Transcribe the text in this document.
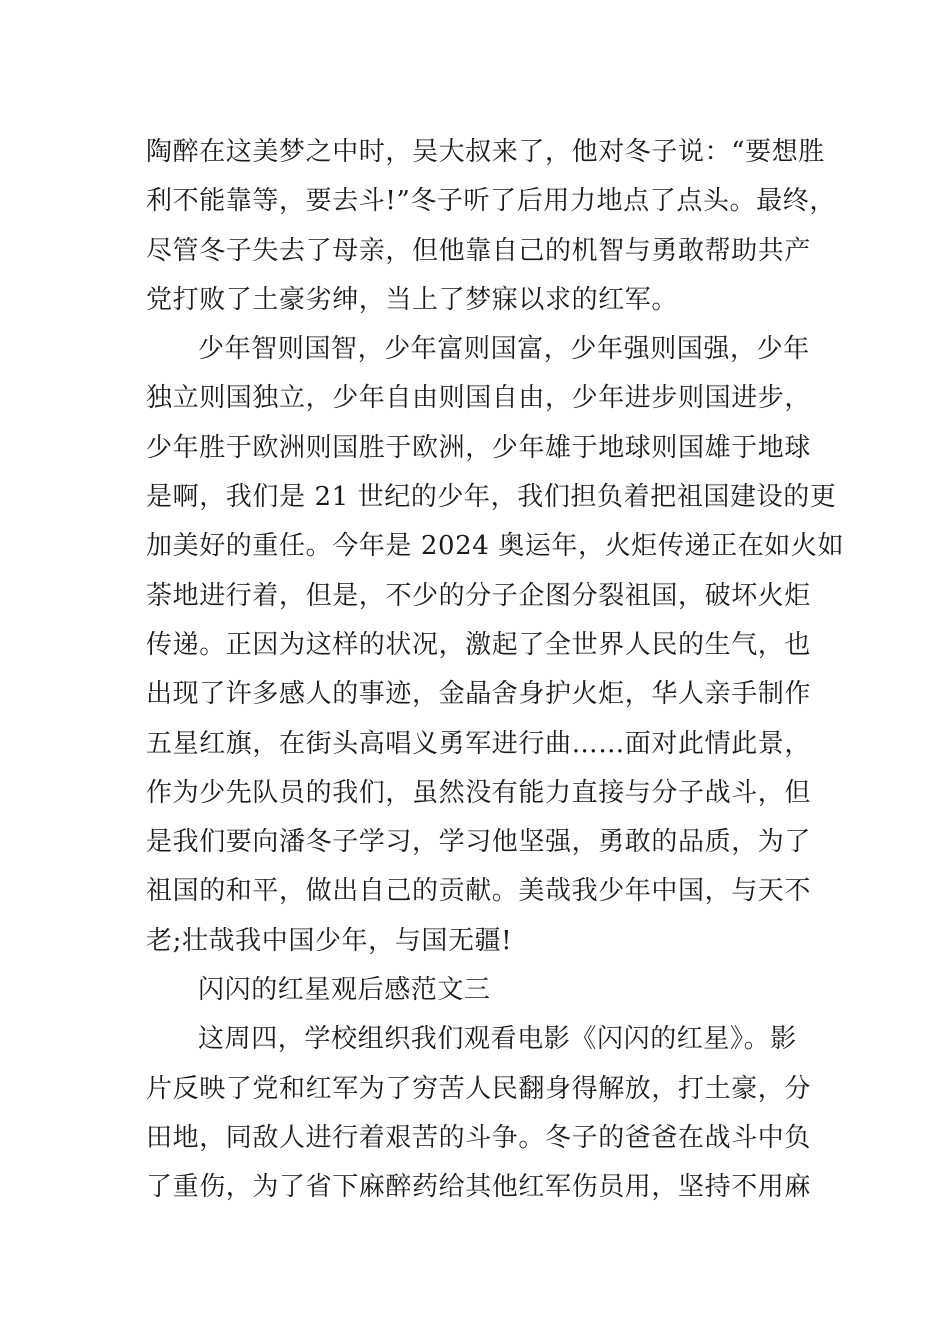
陶醉在这美梦之中时，吴大叔来了，他对冬子说：“要想胜
利不能靠等，要去斗!”冬子听了后用力地点了点头。最终，
尽管冬子失去了母亲，但他靠自己的机智与勇敢帮助共产
党打败了土豪劣绅，当上了梦寐以求的红军。
少年智则国智，少年富则国富，少年强则国强，少年
独立则国独立，少年自由则国自由，少年进步则国进步，
少年胜于欧洲则国胜于欧洲，少年雄于地球则国雄于地球
是啊，我们是 21 世纪的少年，我们担负着把祖国建设的更
加美好的重任。今年是 2024 奥运年，火炬传递正在如火如
荼地进行着，但是，不少的分子企图分裂祖国，破坏火炬
传递。正因为这样的状况，激起了全世界人民的生气，也
出现了许多感人的事迹，金晶舍身护火炬，华人亲手制作
五星红旗，在街头高唱义勇军进行曲……面对此情此景，
作为少先队员的我们，虽然没有能力直接与分子战斗，但
是我们要向潘冬子学习，学习他坚强，勇敢的品质，为了
祖国的和平，做出自己的贡献。美哉我少年中国，与天不
老;壮哉我中国少年，与国无疆!
闪闪的红星观后感范文三
这周四，学校组织我们观看电影《闪闪的红星》。影
片反映了党和红军为了穷苦人民翻身得解放，打土豪，分
田地，同敌人进行着艰苦的斗争。冬子的爸爸在战斗中负
了重伤，为了省下麻醉药给其他红军伤员用，坚持不用麻
